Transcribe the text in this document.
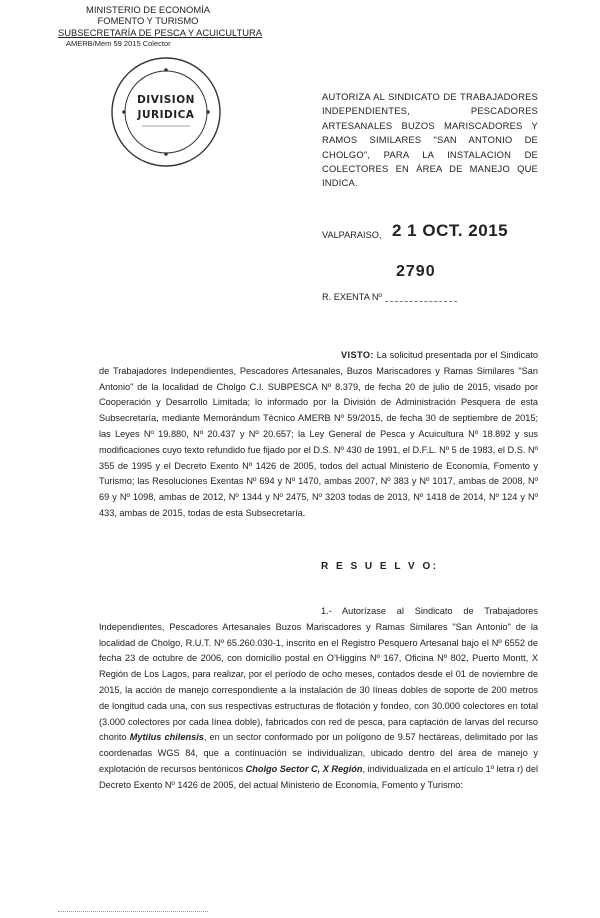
MINISTERIO DE ECONOMÍA
FOMENTO Y TURISMO
SUBSECRETARÍA DE PESCA Y ACUICULTURA
AMERB/Mem 59 2015 Colector
DIVISION
JURIDICA
AUTORIZA AL SINDICATO DE TRABAJADORES INDEPENDIENTES, PESCADORES ARTESANALES BUZOS MARISCADORES Y RAMOS SIMILARES "SAN ANTONIO DE CHOLGO", PARA LA INSTALACION DE COLECTORES EN ÁREA DE MANEJO QUE INDICA.
VALPARAISO, 2 1 OCT. 2015
2790
R. EXENTA Nº
VISTO: La solicitud presentada por el Sindicato de Trabajadores Independientes, Pescadores Artesanales, Buzos Mariscadores y Ramas Similares "San Antonio" de la localidad de Cholgo C.I. SUBPESCA Nº 8.379, de fecha 20 de julio de 2015, visado por Cooperación y Desarrollo Limitada; lo informado por la División de Administración Pesquera de esta Subsecretaría, mediante Memorándum Técnico AMERB Nº 59/2015, de fecha 30 de septiembre de 2015; las Leyes Nº 19.880, Nº 20.437 y Nº 20.657; la Ley General de Pesca y Acuicultura Nº 18.892 y sus modificaciones cuyo texto refundido fue fijado por el D.S. Nº 430 de 1991, el D.F.L. Nº 5 de 1983, el D.S. Nº 355 de 1995 y el Decreto Exento Nº 1426 de 2005, todos del actual Ministerio de Economía, Fomento y Turismo; las Resoluciones Exentas Nº 694 y Nº 1470, ambas 2007, Nº 383 y Nº 1017, ambas de 2008, Nº 69 y Nº 1098, ambas de 2012, Nº 1344 y Nº 2475, Nº 3203 todas de 2013, Nº 1418 de 2014, Nº 124 y Nº 433, ambas de 2015, todas de esta Subsecretaría.
R E S U E L V O:
1.- Autorízase al Sindicato de Trabajadores Independientes, Pescadores Artesanales Buzos Mariscadores y Ramas Similares "San Antonio" de la localidad de Cholgo, R.U.T. Nº 65.260.030-1, inscrito en el Registro Pesquero Artesanal bajo el Nº 6552 de fecha 23 de octubre de 2006, con domicilio postal en O'Higgins Nº 167, Oficina Nº 802, Puerto Montt, X Región de Los Lagos, para realizar, por el período de ocho meses, contados desde el 01 de noviembre de 2015, la acción de manejo correspondiente a la instalación de 30 líneas dobles de soporte de 200 metros de longitud cada una, con sus respectivas estructuras de flotación y fondeo, con 30.000 colectores en total (3.000 colectores por cada línea doble), fabricados con red de pesca, para captación de larvas del recurso chorito Mytilus chilensis, en un sector conformado por un polígono de 9.57 hectáreas, delimitado por las coordenadas WGS 84, que a continuación se individualizan, ubicado dentro del área de manejo y explotación de recursos bentónicos Cholgo Sector C, X Región, individualizada en el artículo 1º letra r) del Decreto Exento Nº 1426 de 2005, del actual Ministerio de Economía, Fomento y Turismo:
